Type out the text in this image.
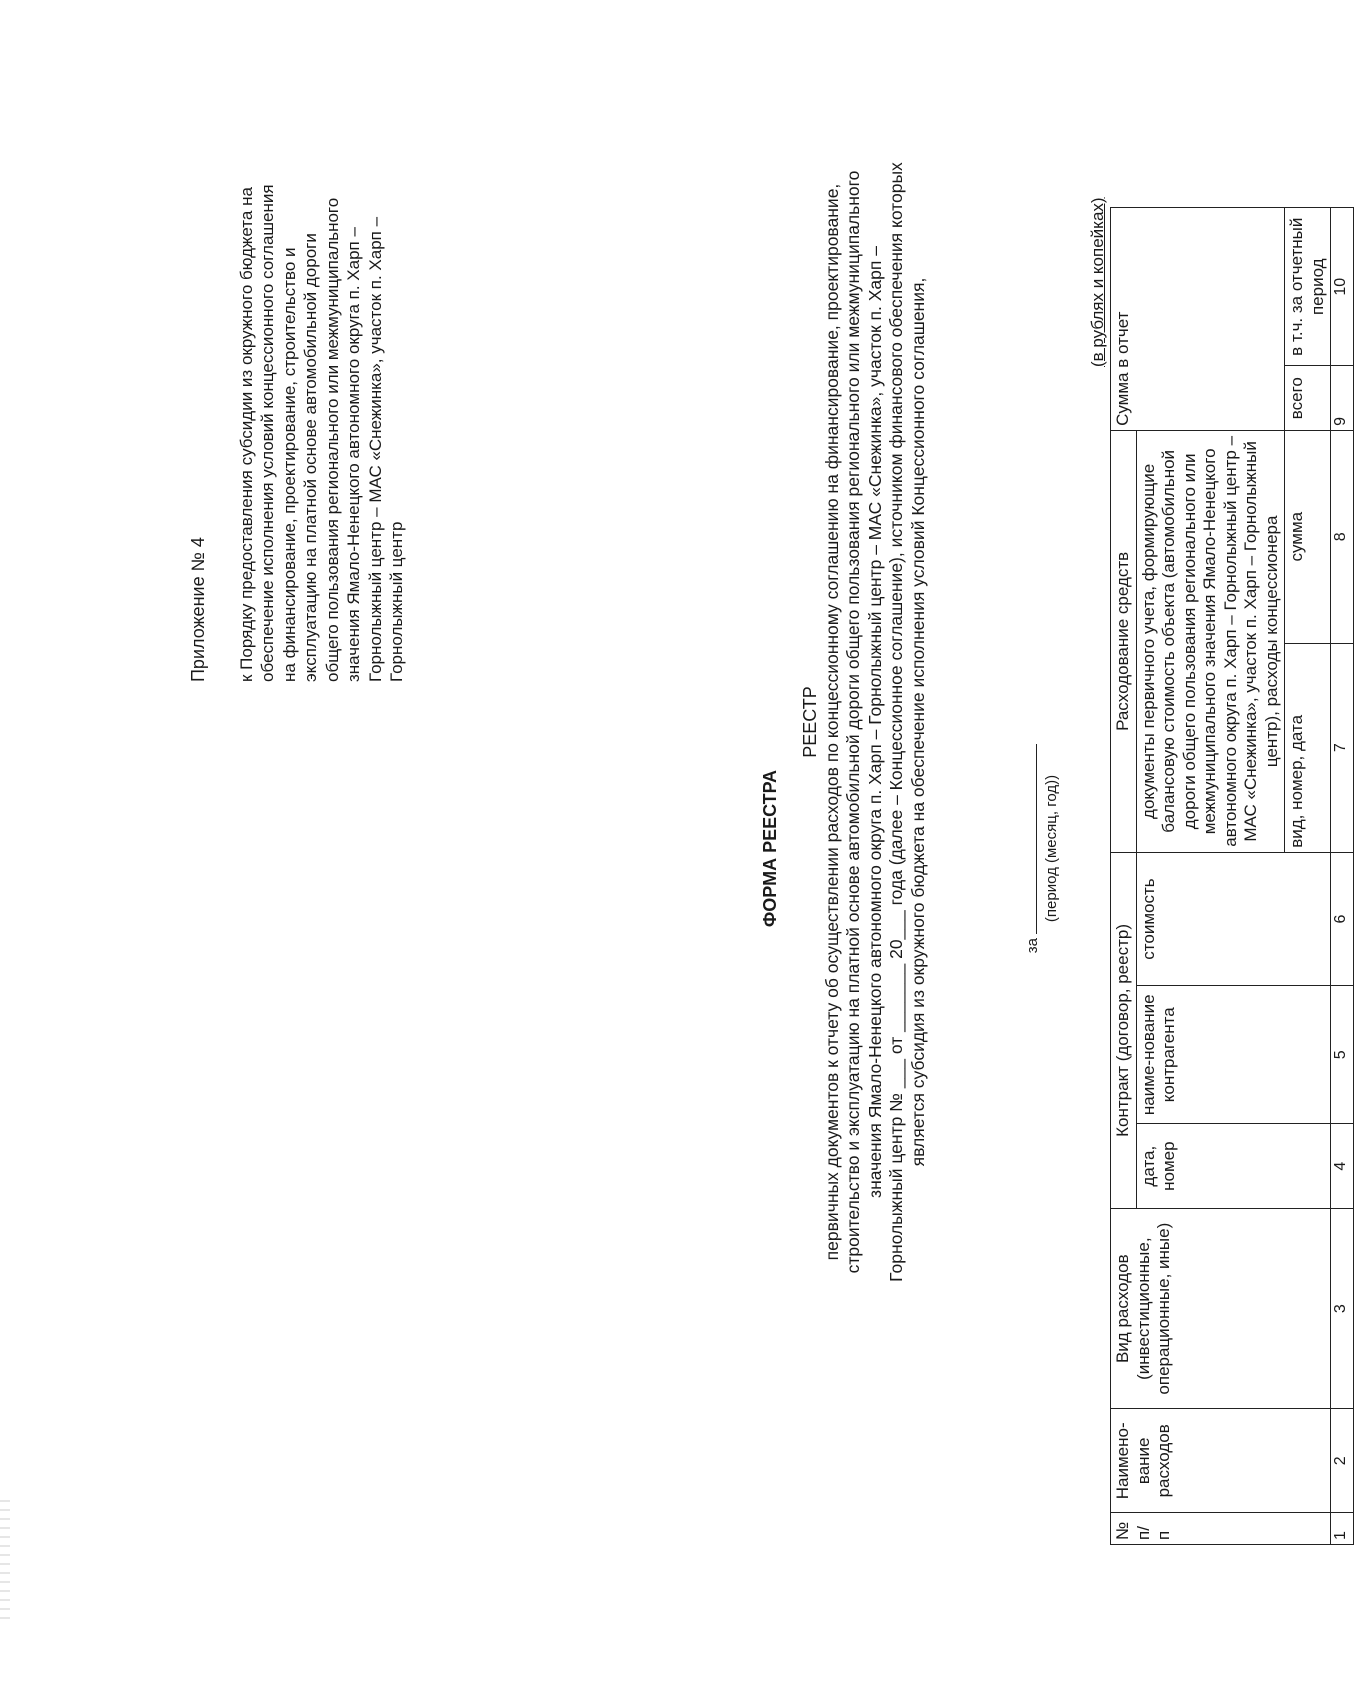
Приложение № 4 к Порядку предоставления субсидии из окружного бюджета на обеспечение исполнения условий концессионного соглашения на финансирование, проектирование, строительство и эксплуатацию на платной основе автомобильной дороги общего пользования регионального или межмуниципального значения Ямало-Ненецкого автономного округа п. Харп – Горнолыжный центр – МАС «Снежинка», участок п. Харп – Горнолыжный центр
ФОРМА РЕЕСТРА
РЕЕСТР первичных документов к отчету об осуществлении расходов по концессионному соглашению на финансирование, проектирование, строительство и эксплуатацию на платной основе автомобильной дороги общего пользования регионального или межмуниципального значения Ямало-Ненецкого автономного округа п. Харп – Горнолыжный центр – МАС «Снежинка», участок п. Харп – Горнолыжный центр № ___ от _______ 20___ года (далее – Концессионное соглашение), источником финансового обеспечения которых является субсидия из окружного бюджета на обеспечение исполнения условий Концессионного соглашения,	за
(период (месяц, год))
(в рублях и копейках)
№ п/п	Наимено-вание расходов	Вид расходов (инвестиционные, операционные, иные)	Контракт (договор, реестр)			Расходование средств		Сумма в отчет	
			дата, номер	наиме-нование контрагента	стоимость	документы первичного учета, формирующие балансовую стоимость объекта (автомобильной дороги общего пользования регионального или межмуниципального значения Ямало-Ненецкого автономного округа п. Харп – Горнолыжный центр – МАС «Снежинка», участок п. Харп – Горнолыжный центр), расходы концессионера			
						вид, номер, дата	сумма	всего	в т.ч. за отчетный период
1	2	3	4	5	6	7	8	9	10
